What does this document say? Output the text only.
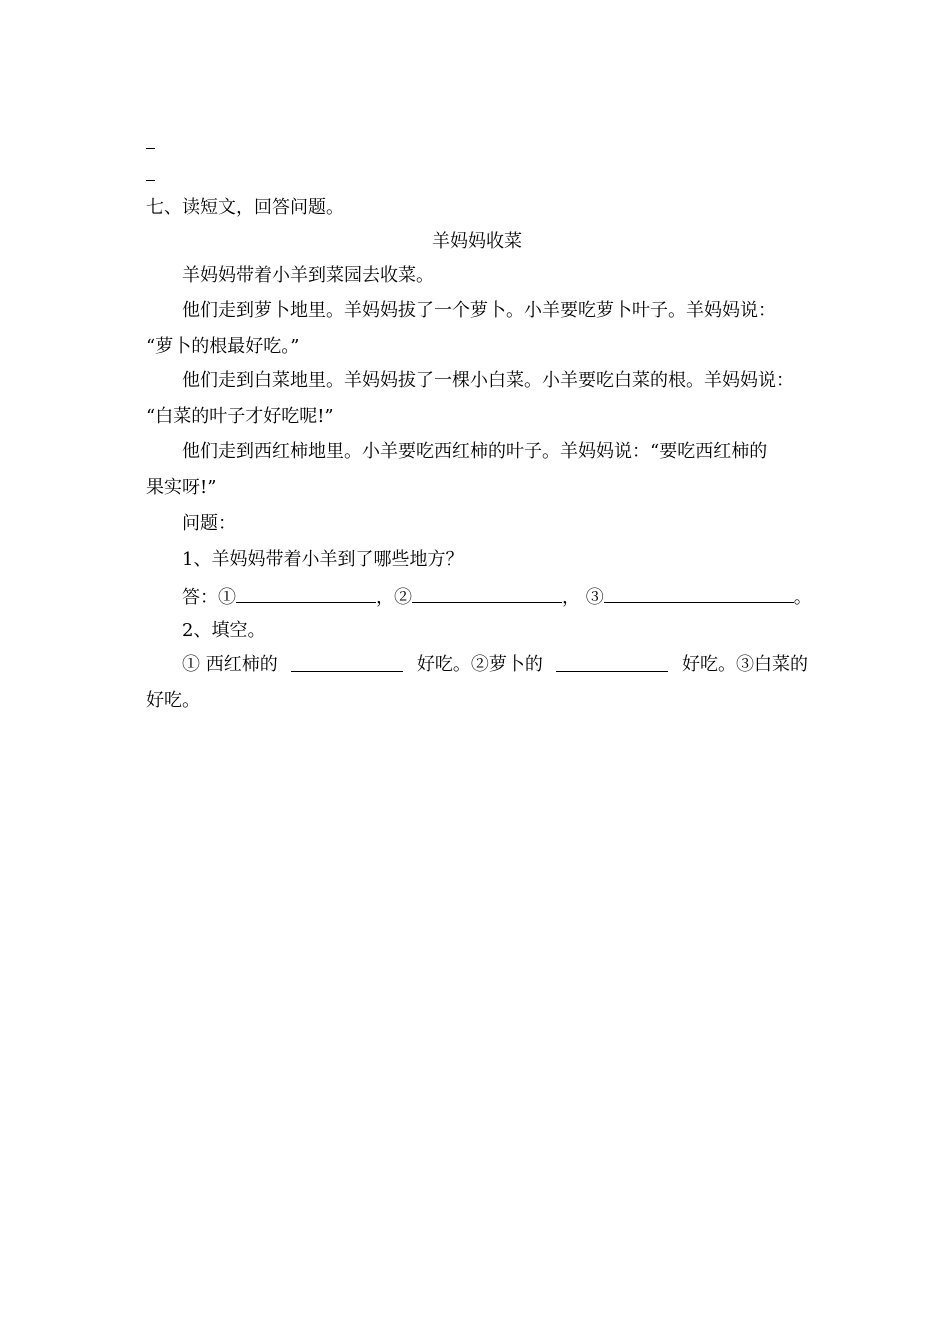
七、读短文，回答问题。
羊妈妈收菜
羊妈妈带着小羊到菜园去收菜。
他们走到萝卜地里。羊妈妈拔了一个萝卜。小羊要吃萝卜叶子。羊妈妈说：
“萝卜的根最好吃。”
他们走到白菜地里。羊妈妈拔了一棵小白菜。小羊要吃白菜的根。羊妈妈说：
“白菜的叶子才好吃呢!”
他们走到西红柿地里。小羊要吃西红柿的叶子。羊妈妈说：“要吃西红柿的
果实呀!”
问题：
1、羊妈妈带着小羊到了哪些地方？
答：①	，②	， ③	。
2、填空。
① 西红柿的	好吃。②萝卜的	好吃。③白菜的
好吃。
